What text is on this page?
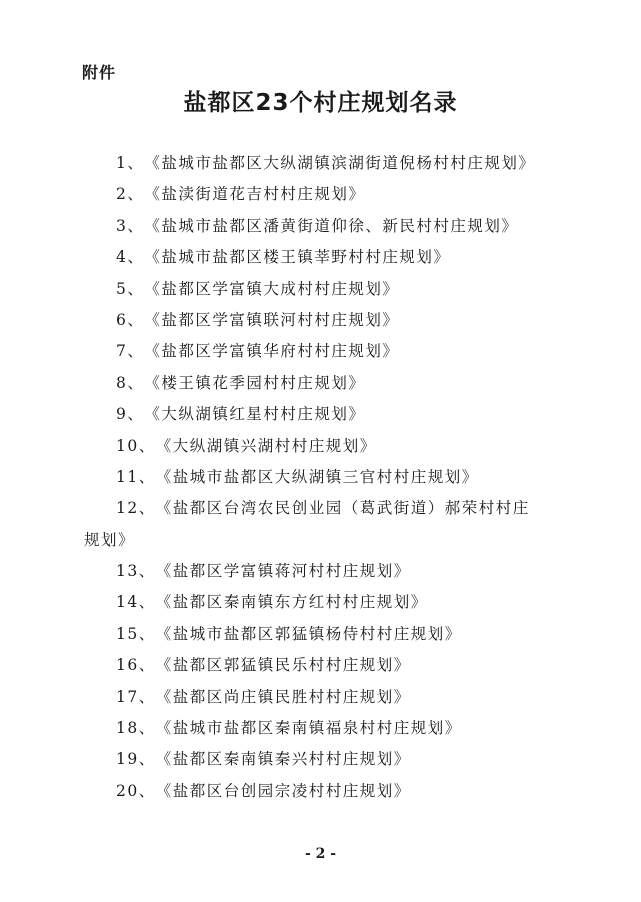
附件
盐都区23个村庄规划名录
1、《盐城市盐都区大纵湖镇滨湖街道倪杨村村庄规划》
2、《盐渎街道花吉村村庄规划》
3、《盐城市盐都区潘黄街道仰徐、新民村村庄规划》
4、《盐城市盐都区楼王镇莘野村村庄规划》
5、《盐都区学富镇大成村村庄规划》
6、《盐都区学富镇联河村村庄规划》
7、《盐都区学富镇华府村村庄规划》
8、《楼王镇花季园村村庄规划》
9、《大纵湖镇红星村村庄规划》
10、《大纵湖镇兴湖村村庄规划》
11、《盐城市盐都区大纵湖镇三官村村庄规划》
12、《盐都区台湾农民创业园（葛武街道）郝荣村村庄
规划》
13、《盐都区学富镇蒋河村村庄规划》
14、《盐都区秦南镇东方红村村庄规划》
15、《盐城市盐都区郭猛镇杨侍村村庄规划》
16、《盐都区郭猛镇民乐村村庄规划》
17、《盐都区尚庄镇民胜村村庄规划》
18、《盐城市盐都区秦南镇福泉村村庄规划》
19、《盐都区秦南镇秦兴村村庄规划》
20、《盐都区台创园宗凌村村庄规划》
- 2 -
